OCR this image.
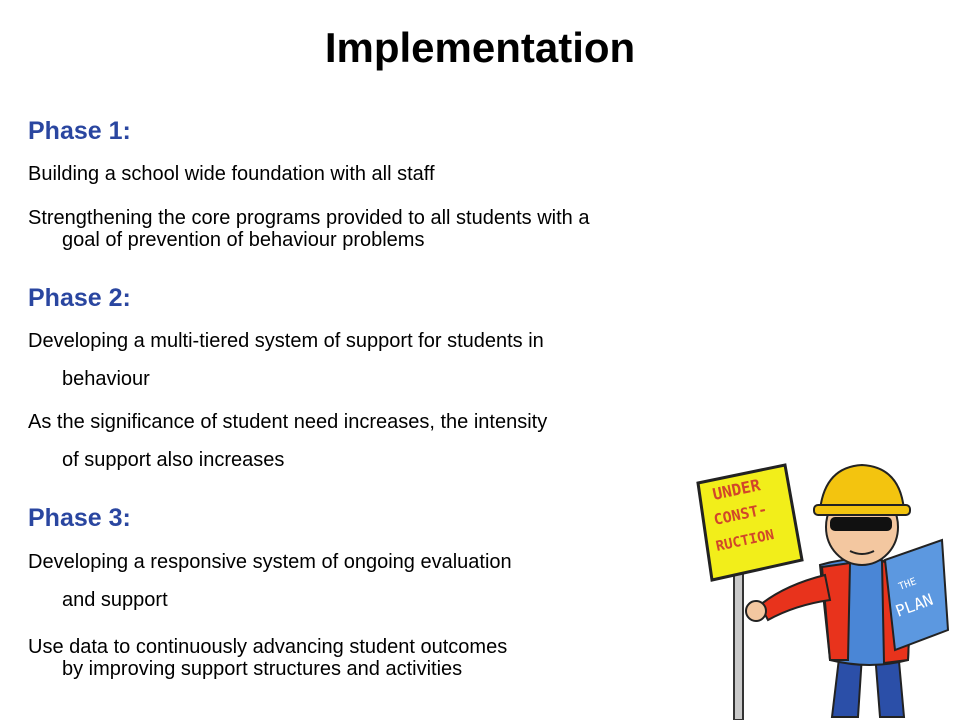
Implementation
Phase 1:
Building a school wide foundation with all staff
Strengthening the core programs provided to all students with a
goal of prevention of behaviour problems
Phase 2:
Developing a multi-tiered system of support for students in
behaviour
As the significance of student need increases, the intensity
of support also increases
Phase 3:
Developing a responsive system of ongoing evaluation
and support
Use data to continuously advancing student outcomes
by improving support structures and activities
UNDER
CONST-
RUCTION
THE
PLAN
